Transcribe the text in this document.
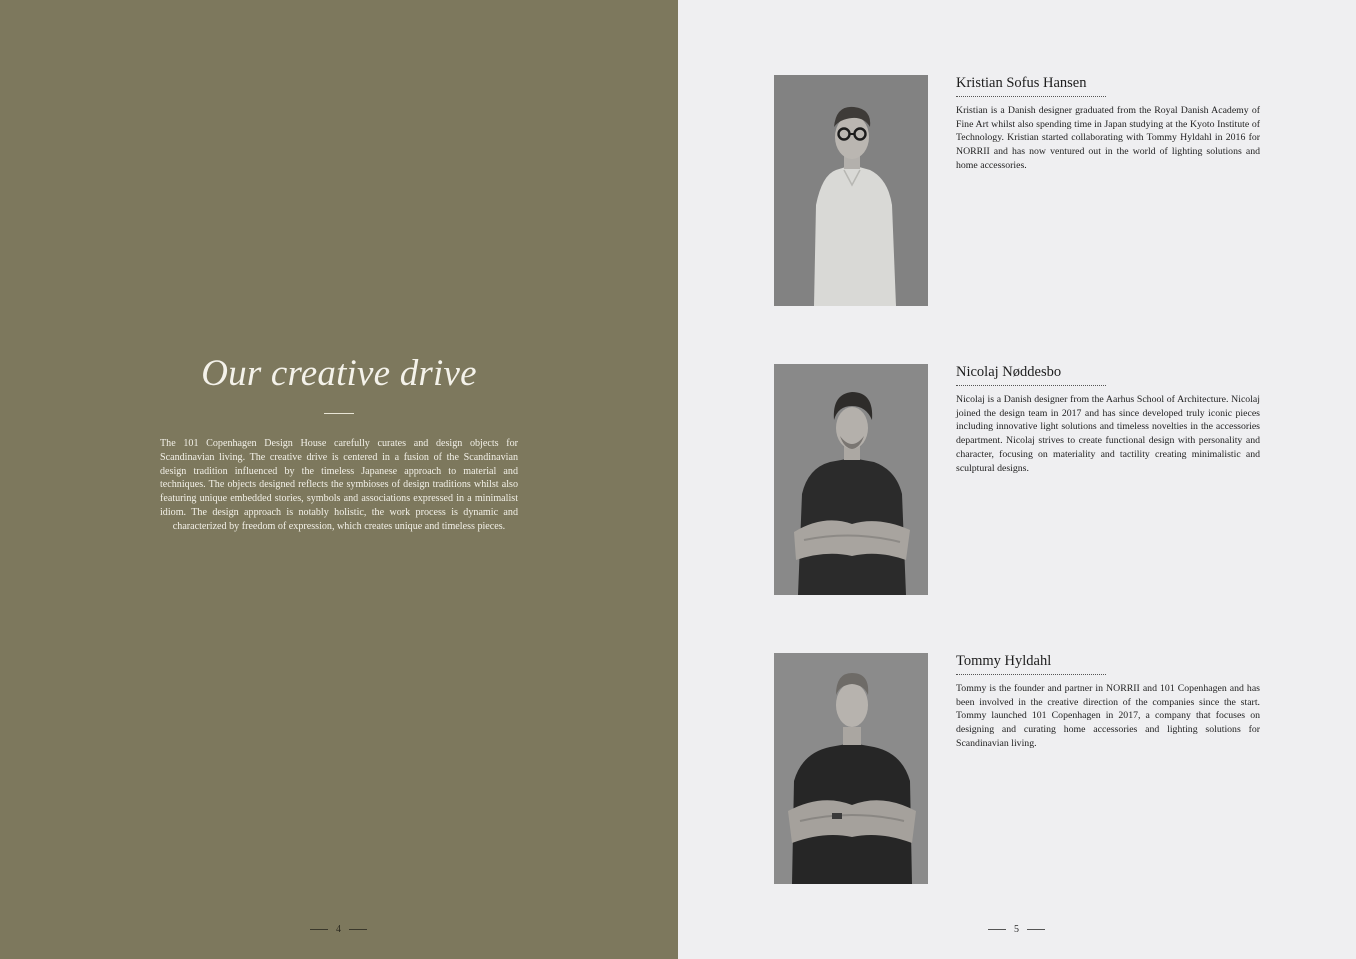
Our creative drive
The 101 Copenhagen Design House carefully curates and design objects for Scandinavian living. The creative drive is centered in a fusion of the Scandinavian design tradition influenced by the timeless Japanese approach to material and techniques. The objects designed reflects the symbioses of design traditions whilst also featuring unique embedded stories, symbols and associations expressed in a minimalist idiom. The design approach is notably holistic, the work process is dynamic and characterized by freedom of expression, which creates unique and timeless pieces.
4	5
Kristian Sofus Hansen
Kristian is a Danish designer graduated from the Royal Danish Academy of Fine Art whilst also spending time in Japan studying at the Kyoto Institute of Technology. Kristian started collaborating with Tommy Hyldahl in 2016 for NORRII and has now ventured out in the world of lighting solutions and home accessories.
Nicolaj Nøddesbo
Nicolaj is a Danish designer from the Aarhus School of Architecture. Nicolaj joined the design team in 2017 and has since developed truly iconic pieces including innovative light solutions and timeless novelties in the accessories department. Nicolaj strives to create functional design with personality and character, focusing on materiality and tactility creating minimalistic and sculptural designs.
Tommy Hyldahl
Tommy is the founder and partner in NORRII and 101 Copenhagen and has been involved in the creative direction of the companies since the start. Tommy launched 101 Copenhagen in 2017, a company that focuses on designing and curating home accessories and lighting solutions for Scandinavian living.
